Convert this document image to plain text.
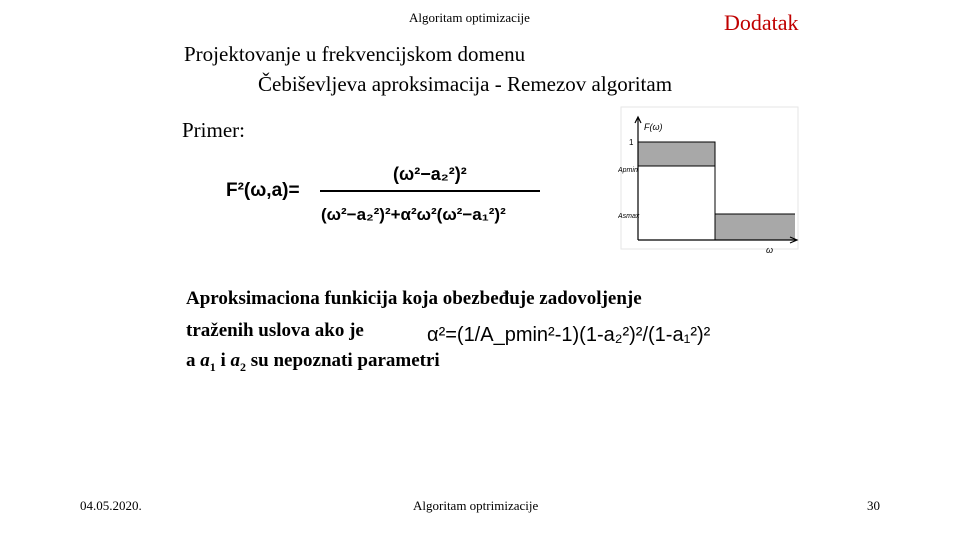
Algoritam optimizacije	Dodatak
Projektovanje u frekvencijskom domenu
Čebiševljeva aproksimacija - Remezov algoritam
Primer:
F²(ω,a)=
(ω²−a₂²)²
(ω²−a₂²)²+α²ω²(ω²−a₁²)²
F(ω)
1
Apmin
Asmax
ω
Aproksimaciona funkicija koja obezbeđuje zadovoljenje
traženih uslova ako je	α²=(1/A_pmin²-1)(1-a₂²)²/(1-a₁²)²
a $a_1$ i $a_2$ su nepoznati parametri
04.05.2020.	Algoritam optrimizacije	30
